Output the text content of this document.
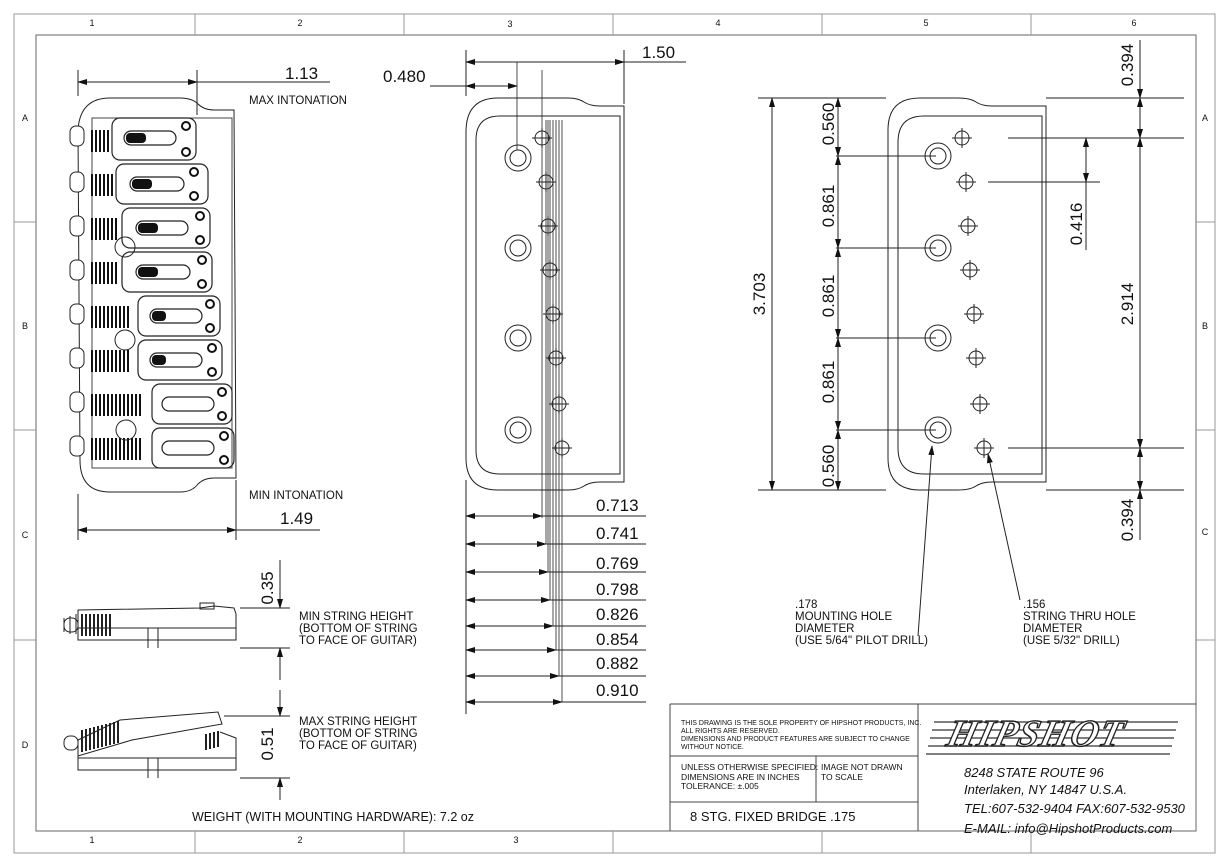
1	2	3	4	5	6
1	2	3
A
B
C
D
A
B
C
1.13
MAX INTONATION
MIN INTONATION
1.49
0.35
MIN STRING HEIGHT
(BOTTOM OF STRING
TO FACE OF GUITAR)
0.51
MAX STRING HEIGHT
(BOTTOM OF STRING
TO FACE OF GUITAR)
1.50
0.480
0.713
0.741
0.769
0.798
0.826
0.854
0.882
0.910
0.394
0.394
3.703	2.914
0.416
0.560
0.861
0.861
0.861
0.560
.178
MOUNTING HOLE
DIAMETER
(USE 5/64" PILOT DRILL)
.156
STRING THRU HOLE
DIAMETER
(USE 5/32" DRILL)
WEIGHT (WITH MOUNTING HARDWARE): 7.2 oz
THIS DRAWING IS THE SOLE PROPERTY OF HIPSHOT PRODUCTS, INC.
ALL RIGHTS ARE RESERVED.
DIMENSIONS AND PRODUCT FEATURES ARE SUBJECT TO CHANGE
WITHOUT NOTICE.
UNLESS OTHERWISE SPECIFIED:
DIMENSIONS ARE IN INCHES
TOLERANCE: ±.005
IMAGE NOT DRAWN
TO SCALE
8 STG. FIXED BRIDGE .175
HIPSHOT
8248 STATE ROUTE 96
Interlaken, NY 14847 U.S.A.
TEL:607-532-9404 FAX:607-532-9530
E-MAIL: info@HipshotProducts.com
